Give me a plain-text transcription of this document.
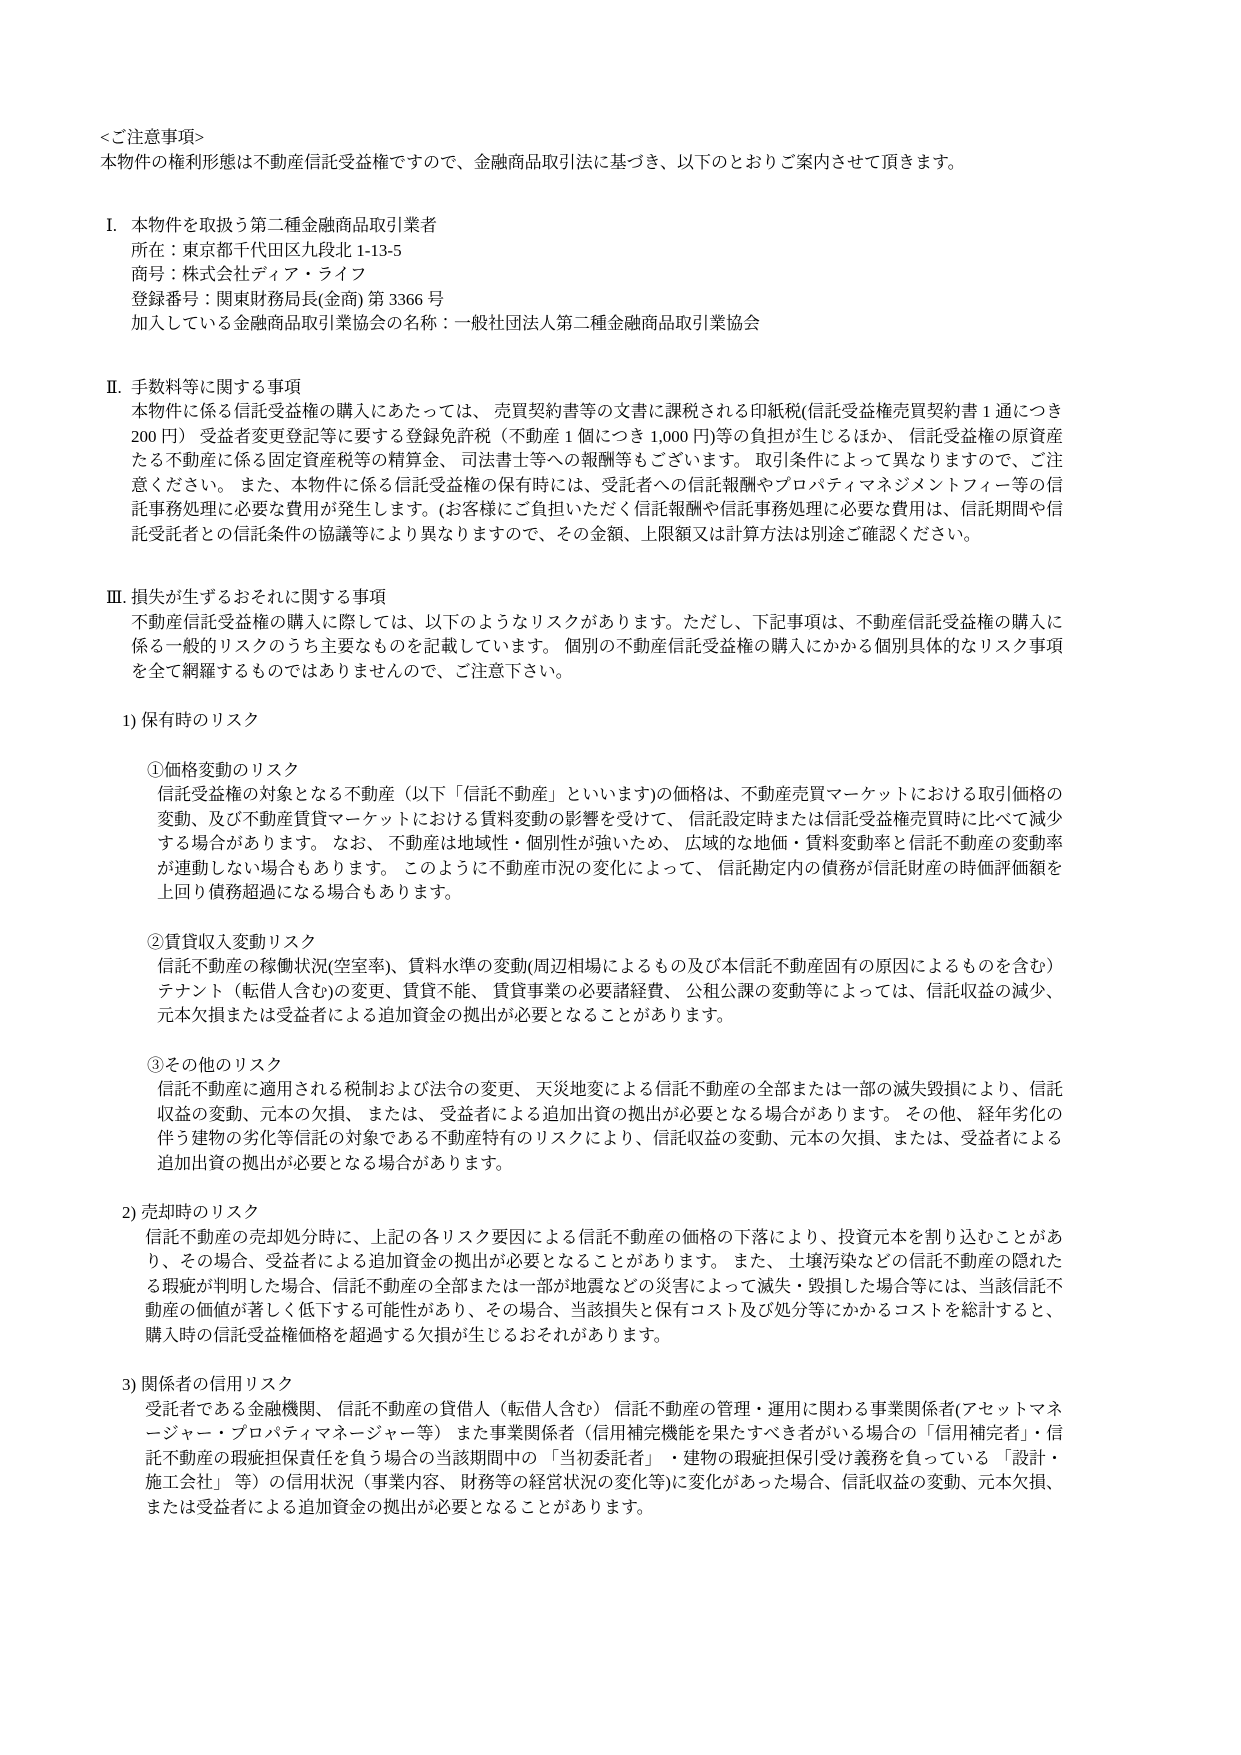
<ご注意事項>

本物件の権利形態は不動産信託受益権ですので、金融商品取引法に基づき、以下のとおりご案内させて頂きます。

Ⅰ. 本物件を取扱う第二種金融商品取引業者
所在：東京都千代田区九段北 1-13-5
商号：株式会社ディア・ライフ
登録番号：関東財務局長(金商) 第 3366 号
加入している金融商品取引業協会の名称：一般社団法人第二種金融商品取引業協会
Ⅱ. 手数料等に関する事項

本物件に係る信託受益権の購入にあたっては、 売買契約書等の文書に課税される印紙税(信託受益権売買契約書 1 通につき 200 円） 受益者変更登記等に要する登録免許税（不動産 1 個につき 1,000 円)等の負担が生じるほか、 信託受益権の原資産たる不動産に係る固定資産税等の精算金、 司法書士等への報酬等もございます。 取引条件によって異なりますので、ご注意ください。 また、本物件に係る信託受益権の保有時には、受託者への信託報酬やプロパティマネジメントフィー等の信託事務処理に必要な費用が発生します。(お客様にご負担いただく信託報酬や信託事務処理に必要な費用は、信託期間や信託受託者との信託条件の協議等により異なりますので、その金額、上限額又は計算方法は別途ご確認ください。

Ⅲ. 損失が生ずるおそれに関する事項

不動産信託受益権の購入に際しては、以下のようなリスクがあります。ただし、下記事項は、不動産信託受益権の購入に係る一般的リスクのうち主要なものを記載しています。 個別の不動産信託受益権の購入にかかる個別具体的なリスク事項を全て網羅するものではありませんので、ご注意下さい。

1) 保有時のリスク
①価格変動のリスク

信託受益権の対象となる不動産（以下「信託不動産」といいます)の価格は、不動産売買マーケットにおける取引価格の変動、及び不動産賃貸マーケットにおける賃料変動の影響を受けて、 信託設定時または信託受益権売買時に比べて減少する場合があります。 なお、 不動産は地域性・個別性が強いため、 広域的な地価・賃料変動率と信託不動産の変動率が連動しない場合もあります。 このように不動産市況の変化によって、 信託勘定内の債務が信託財産の時価評価額を上回り債務超過になる場合もあります。

②賃貸収入変動リスク

信託不動産の稼働状況(空室率)、賃料水準の変動(周辺相場によるもの及び本信託不動産固有の原因によるものを含む） テナント（転借人含む)の変更、賃貸不能、 賃貸事業の必要諸経費、 公租公課の変動等によっては、信託収益の減少、元本欠損または受益者による追加資金の拠出が必要となることがあります。

③その他のリスク

信託不動産に適用される税制および法令の変更、 天災地変による信託不動産の全部または一部の滅失毀損により、信託収益の変動、元本の欠損、 または、 受益者による追加出資の拠出が必要となる場合があります。 その他、 経年劣化の伴う建物の劣化等信託の対象である不動産特有のリスクにより、信託収益の変動、元本の欠損、または、受益者による追加出資の拠出が必要となる場合があります。

2) 売却時のリスク

信託不動産の売却処分時に、上記の各リスク要因による信託不動産の価格の下落により、投資元本を割り込むことがあり、その場合、受益者による追加資金の拠出が必要となることがあります。 また、 土壌汚染などの信託不動産の隠れたる瑕疵が判明した場合、信託不動産の全部または一部が地震などの災害によって滅失・毀損した場合等には、当該信託不動産の価値が著しく低下する可能性があり、その場合、当該損失と保有コスト及び処分等にかかるコストを総計すると、購入時の信託受益権価格を超過する欠損が生じるおそれがあります。

3) 関係者の信用リスク

受託者である金融機関、 信託不動産の貸借人（転借人含む） 信託不動産の管理・運用に関わる事業関係者(アセットマネージャー・プロパティマネージャー等） また事業関係者（信用補完機能を果たすべき者がいる場合の「信用補完者」・信託不動産の瑕疵担保責任を負う場合の当該期間中の 「当初委託者」 ・建物の瑕疵担保引受け義務を負っている 「設計・施工会社」 等）の信用状況（事業内容、 財務等の経営状況の変化等)に変化があった場合、信託収益の変動、元本欠損、または受益者による追加資金の拠出が必要となることがあります。
